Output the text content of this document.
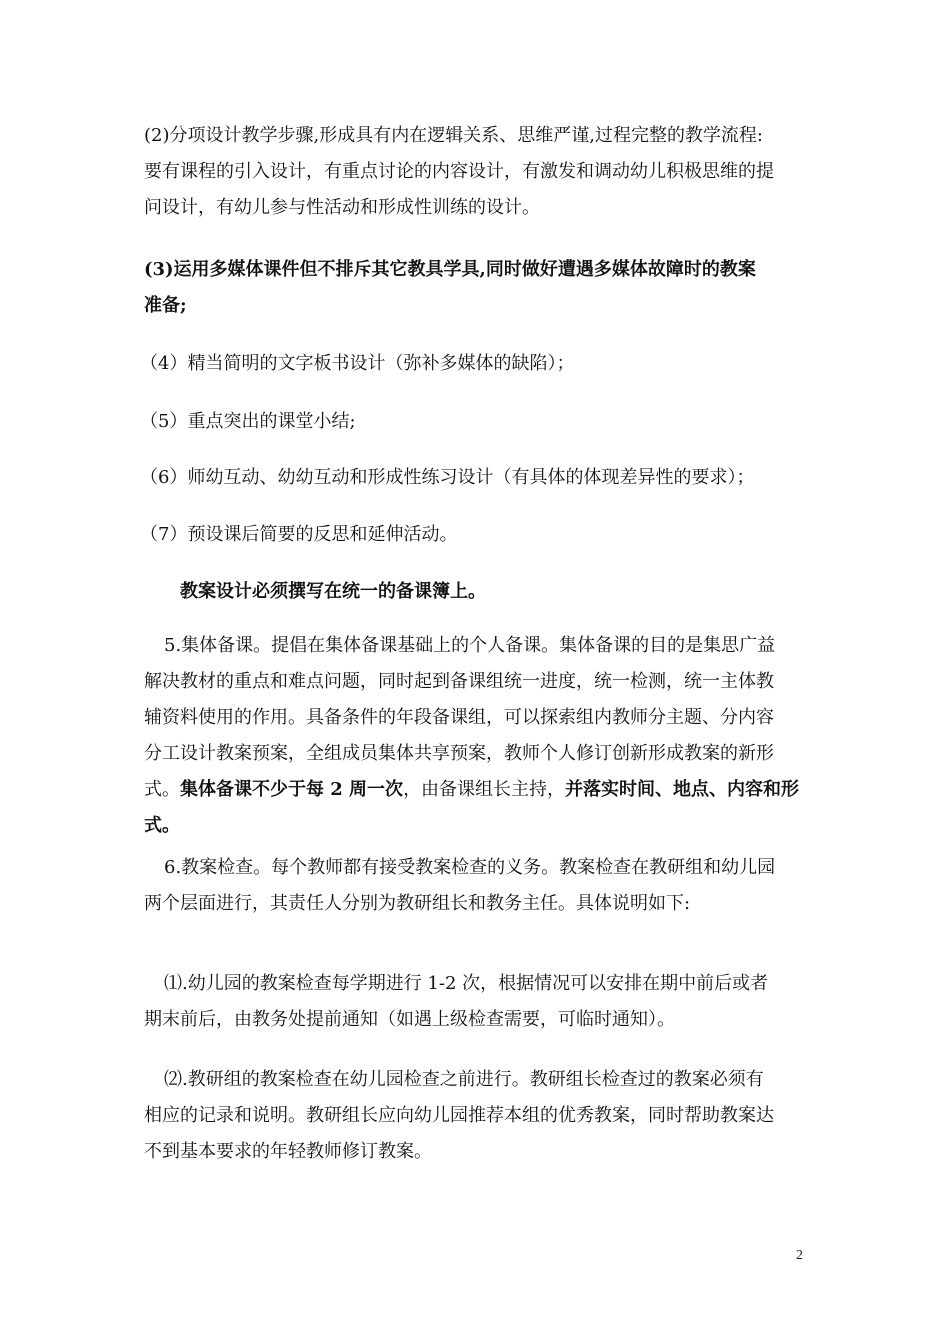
(2)分项设计教学步骤,形成具有内在逻辑关系、思维严谨,过程完整的教学流程:
要有课程的引入设计，有重点讨论的内容设计，有激发和调动幼儿积极思维的提
问设计，有幼儿参与性活动和形成性训练的设计。
(3)运用多媒体课件但不排斥其它教具学具,同时做好遭遇多媒体故障时的教案
准备;
（4）精当简明的文字板书设计（弥补多媒体的缺陷）；
（5）重点突出的课堂小结;
（6）师幼互动、幼幼互动和形成性练习设计（有具体的体现差异性的要求）；
（7）预设课后简要的反思和延伸活动。
教案设计必须撰写在统一的备课簿上。
5.集体备课。提倡在集体备课基础上的个人备课。集体备课的目的是集思广益
解决教材的重点和难点问题，同时起到备课组统一进度，统一检测，统一主体教
辅资料使用的作用。具备条件的年段备课组，可以探索组内教师分主题、分内容
分工设计教案预案，全组成员集体共享预案，教师个人修订创新形成教案的新形
式。集体备课不少于每 2 周一次，由备课组长主持，并落实时间、地点、内容和形
式。
6.教案检查。每个教师都有接受教案检查的义务。教案检查在教研组和幼儿园
两个层面进行，其责任人分别为教研组长和教务主任。具体说明如下:
⑴.幼儿园的教案检查每学期进行 1-2 次，根据情况可以安排在期中前后或者
期末前后，由教务处提前通知（如遇上级检查需要，可临时通知）。
⑵.教研组的教案检查在幼儿园检查之前进行。教研组长检查过的教案必须有
相应的记录和说明。教研组长应向幼儿园推荐本组的优秀教案，同时帮助教案达
不到基本要求的年轻教师修订教案。
2
